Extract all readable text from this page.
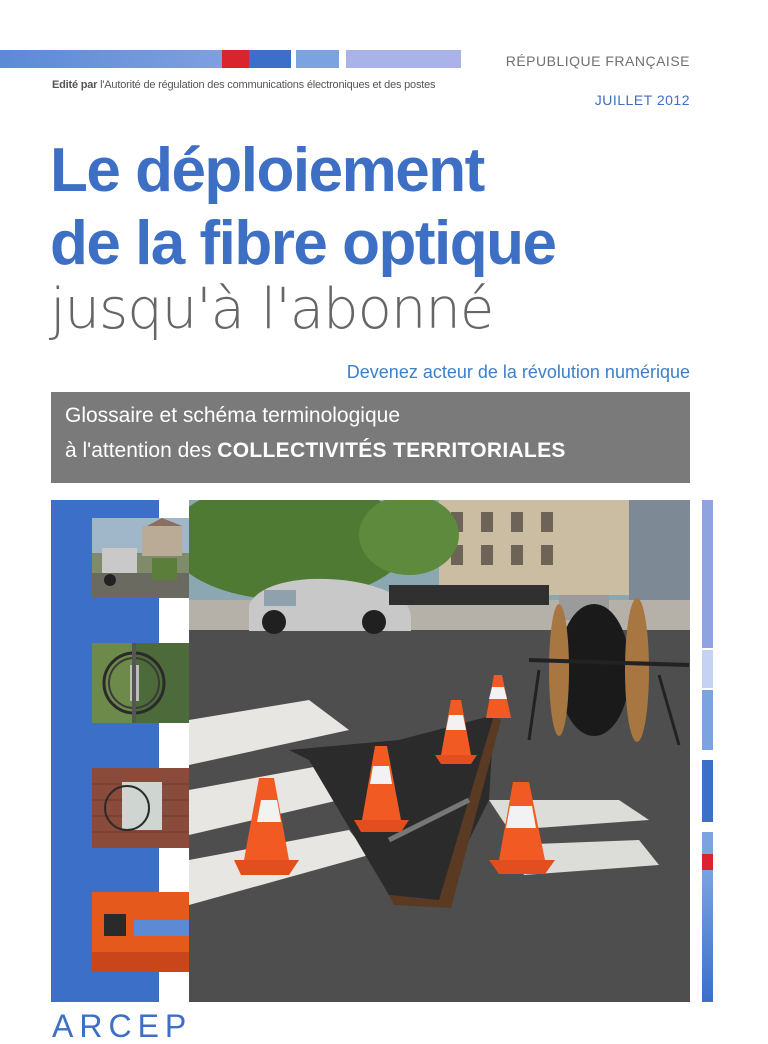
RÉPUBLIQUE FRANÇAISE
Edité par l'Autorité de régulation des communications électroniques et des postes
JUILLET 2012
Le déploiement
de la fibre optique
jusqu'à l'abonné
Devenez acteur de la révolution numérique
Glossaire et schéma terminologique
à l'attention des COLLECTIVITÉS TERRITORIALES
ARCEP
